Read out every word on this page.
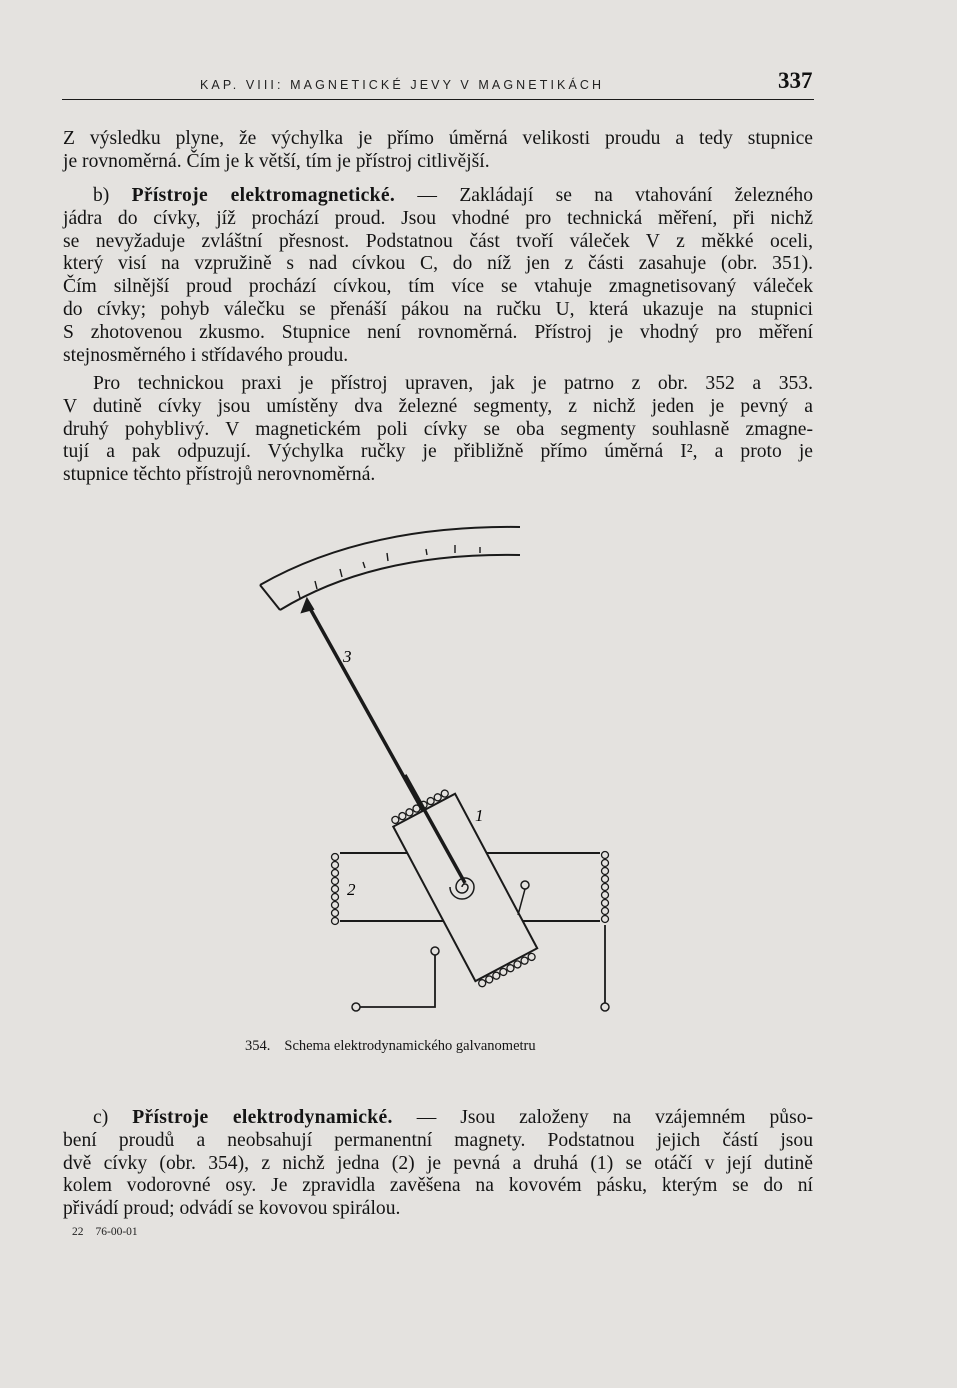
KAP. VIII: MAGNETICKÉ JEVY V MAGNETIKÁCH	337
Z výsledku plyne, že výchylka je přímo úměrná velikosti proudu a tedy stupnice
je rovnoměrná. Čím je k větší, tím je přístroj citlivější.
b) Přístroje elektromagnetické. — Zakládají se na vtahování železného
jádra do cívky, jíž prochází proud. Jsou vhodné pro technická měření, při nichž
se nevyžaduje zvláštní přesnost. Podstatnou část tvoří váleček V z měkké oceli,
který visí na vzpružině s nad cívkou C, do níž jen z části zasahuje (obr. 351).
Čím silnější proud prochází cívkou, tím více se vtahuje zmagnetisovaný váleček
do cívky; pohyb válečku se přenáší pákou na ručku U, která ukazuje na stupnici
S zhotovenou zkusmo. Stupnice není rovnoměrná. Přístroj je vhodný pro měření
stejnosměrného i střídavého proudu.
Pro technickou praxi je přístroj upraven, jak je patrno z obr. 352 a 353.
V dutině cívky jsou umístěny dva železné segmenty, z nichž jeden je pevný a
druhý pohyblivý. V magnetickém poli cívky se oba segmenty souhlasně zmagne-
tují a pak odpuzují. Výchylka ručky je přibližně přímo úměrná I², a proto je
stupnice těchto přístrojů nerovnoměrná.
3
1
2
354. Schema elektrodynamického galvanometru
c) Přístroje elektrodynamické. — Jsou založeny na vzájemném půso-
bení proudů a neobsahují permanentní magnety. Podstatnou jejich částí jsou
dvě cívky (obr. 354), z nichž jedna (2) je pevná a druhá (1) se otáčí v její dutině
kolem vodorovné osy. Je zpravidla zavěšena na kovovém pásku, kterým se do ní
přivádí proud; odvádí se kovovou spirálou.
22 76-00-01
